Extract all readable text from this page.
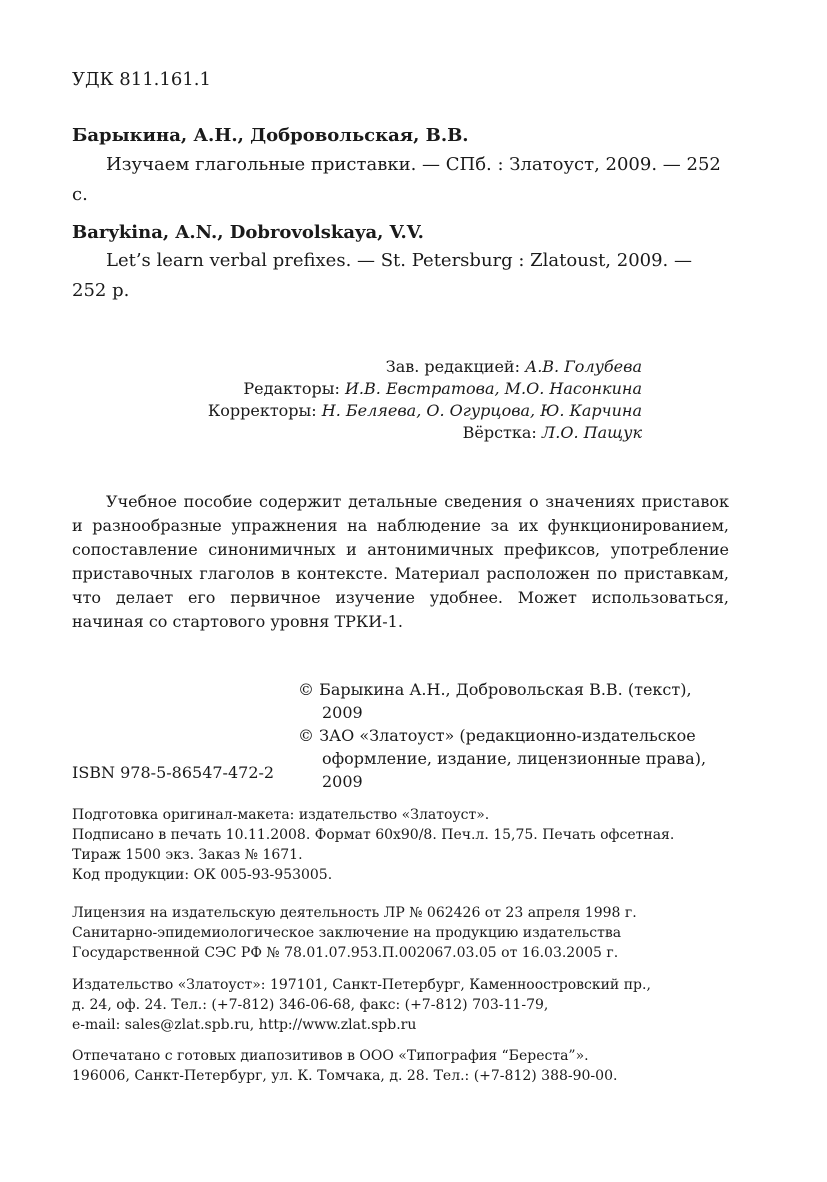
УДК 811.161.1
Барыкина, А.Н., Добровольская, В.В.
Изучаем глагольные приставки. — СПб. : Златоуст, 2009. — 252 с.
Barykina, A.N., Dobrovolskaya, V.V.
Let’s learn verbal prefixes. — St. Petersburg : Zlatoust, 2009. — 252 p.
Зав. редакцией: А.В. Голубева
Редакторы: И.В. Евстратова, М.О. Насонкина
Корректоры: Н. Беляева, О. Огурцова, Ю. Карчина
Вёрстка: Л.О. Пащук
Учебное пособие содержит детальные сведения о значениях приставок и разнообразные упражнения на наблюдение за их функционированием, сопоставление синонимичных и антонимичных префиксов, употребление приставочных глаголов в контексте. Материал расположен по приставкам, что делает его первичное изучение удобнее. Может использоваться, начиная со стартового уровня ТРКИ-1.
© Барыкина А.Н., Добровольская В.В. (текст), 2009
© ЗАО «Златоуст» (редакционно-издательское оформление, издание, лицензионные права), 2009
ISBN 978-5-86547-472-2
Подготовка оригинал-макета: издательство «Златоуст».
Подписано в печать 10.11.2008. Формат 60x90/8. Печ.л. 15,75. Печать офсетная.
Тираж 1500 экз. Заказ № 1671.
Код продукции: ОК 005-93-953005.
Лицензия на издательскую деятельность ЛР № 062426 от 23 апреля 1998 г.
Санитарно-эпидемиологическое заключение на продукцию издательства
Государственной СЭС РФ № 78.01.07.953.П.002067.03.05 от 16.03.2005 г.
Издательство «Златоуст»: 197101, Санкт-Петербург, Каменноостровский пр.,
д. 24, оф. 24. Тел.: (+7-812) 346-06-68, факс: (+7-812) 703-11-79,
e-mail: sales@zlat.spb.ru, http://www.zlat.spb.ru
Отпечатано с готовых диапозитивов в ООО «Типография “Береста”».
196006, Санкт-Петербург, ул. К. Томчака, д. 28. Тел.: (+7-812) 388-90-00.
